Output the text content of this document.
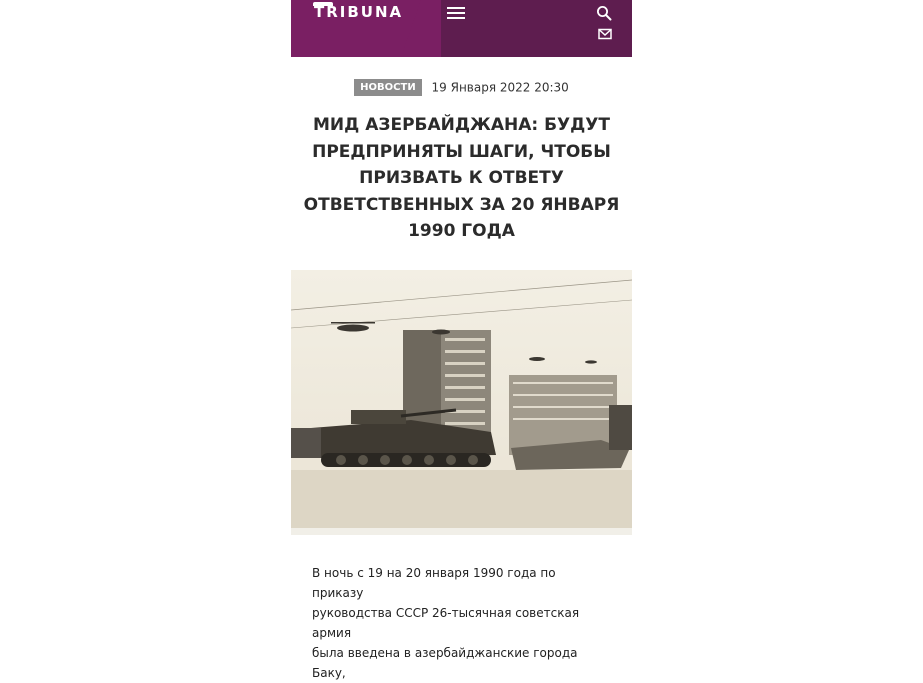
TRIBUNA
НОВОСТИ 19 Января 2022 20:30
МИД АЗЕРБАЙДЖАНА: БУДУТ ПРЕДПРИНЯТЫ ШАГИ, ЧТОБЫ ПРИЗВАТЬ К ОТВЕТУ ОТВЕТСТВЕННЫХ ЗА 20 ЯНВАРЯ 1990 ГОДА

В ночь с 19 на 20 января 1990 года по приказу
руководства СССР 26-тысячная советская армия
была введена в азербайджанские города Баку,
